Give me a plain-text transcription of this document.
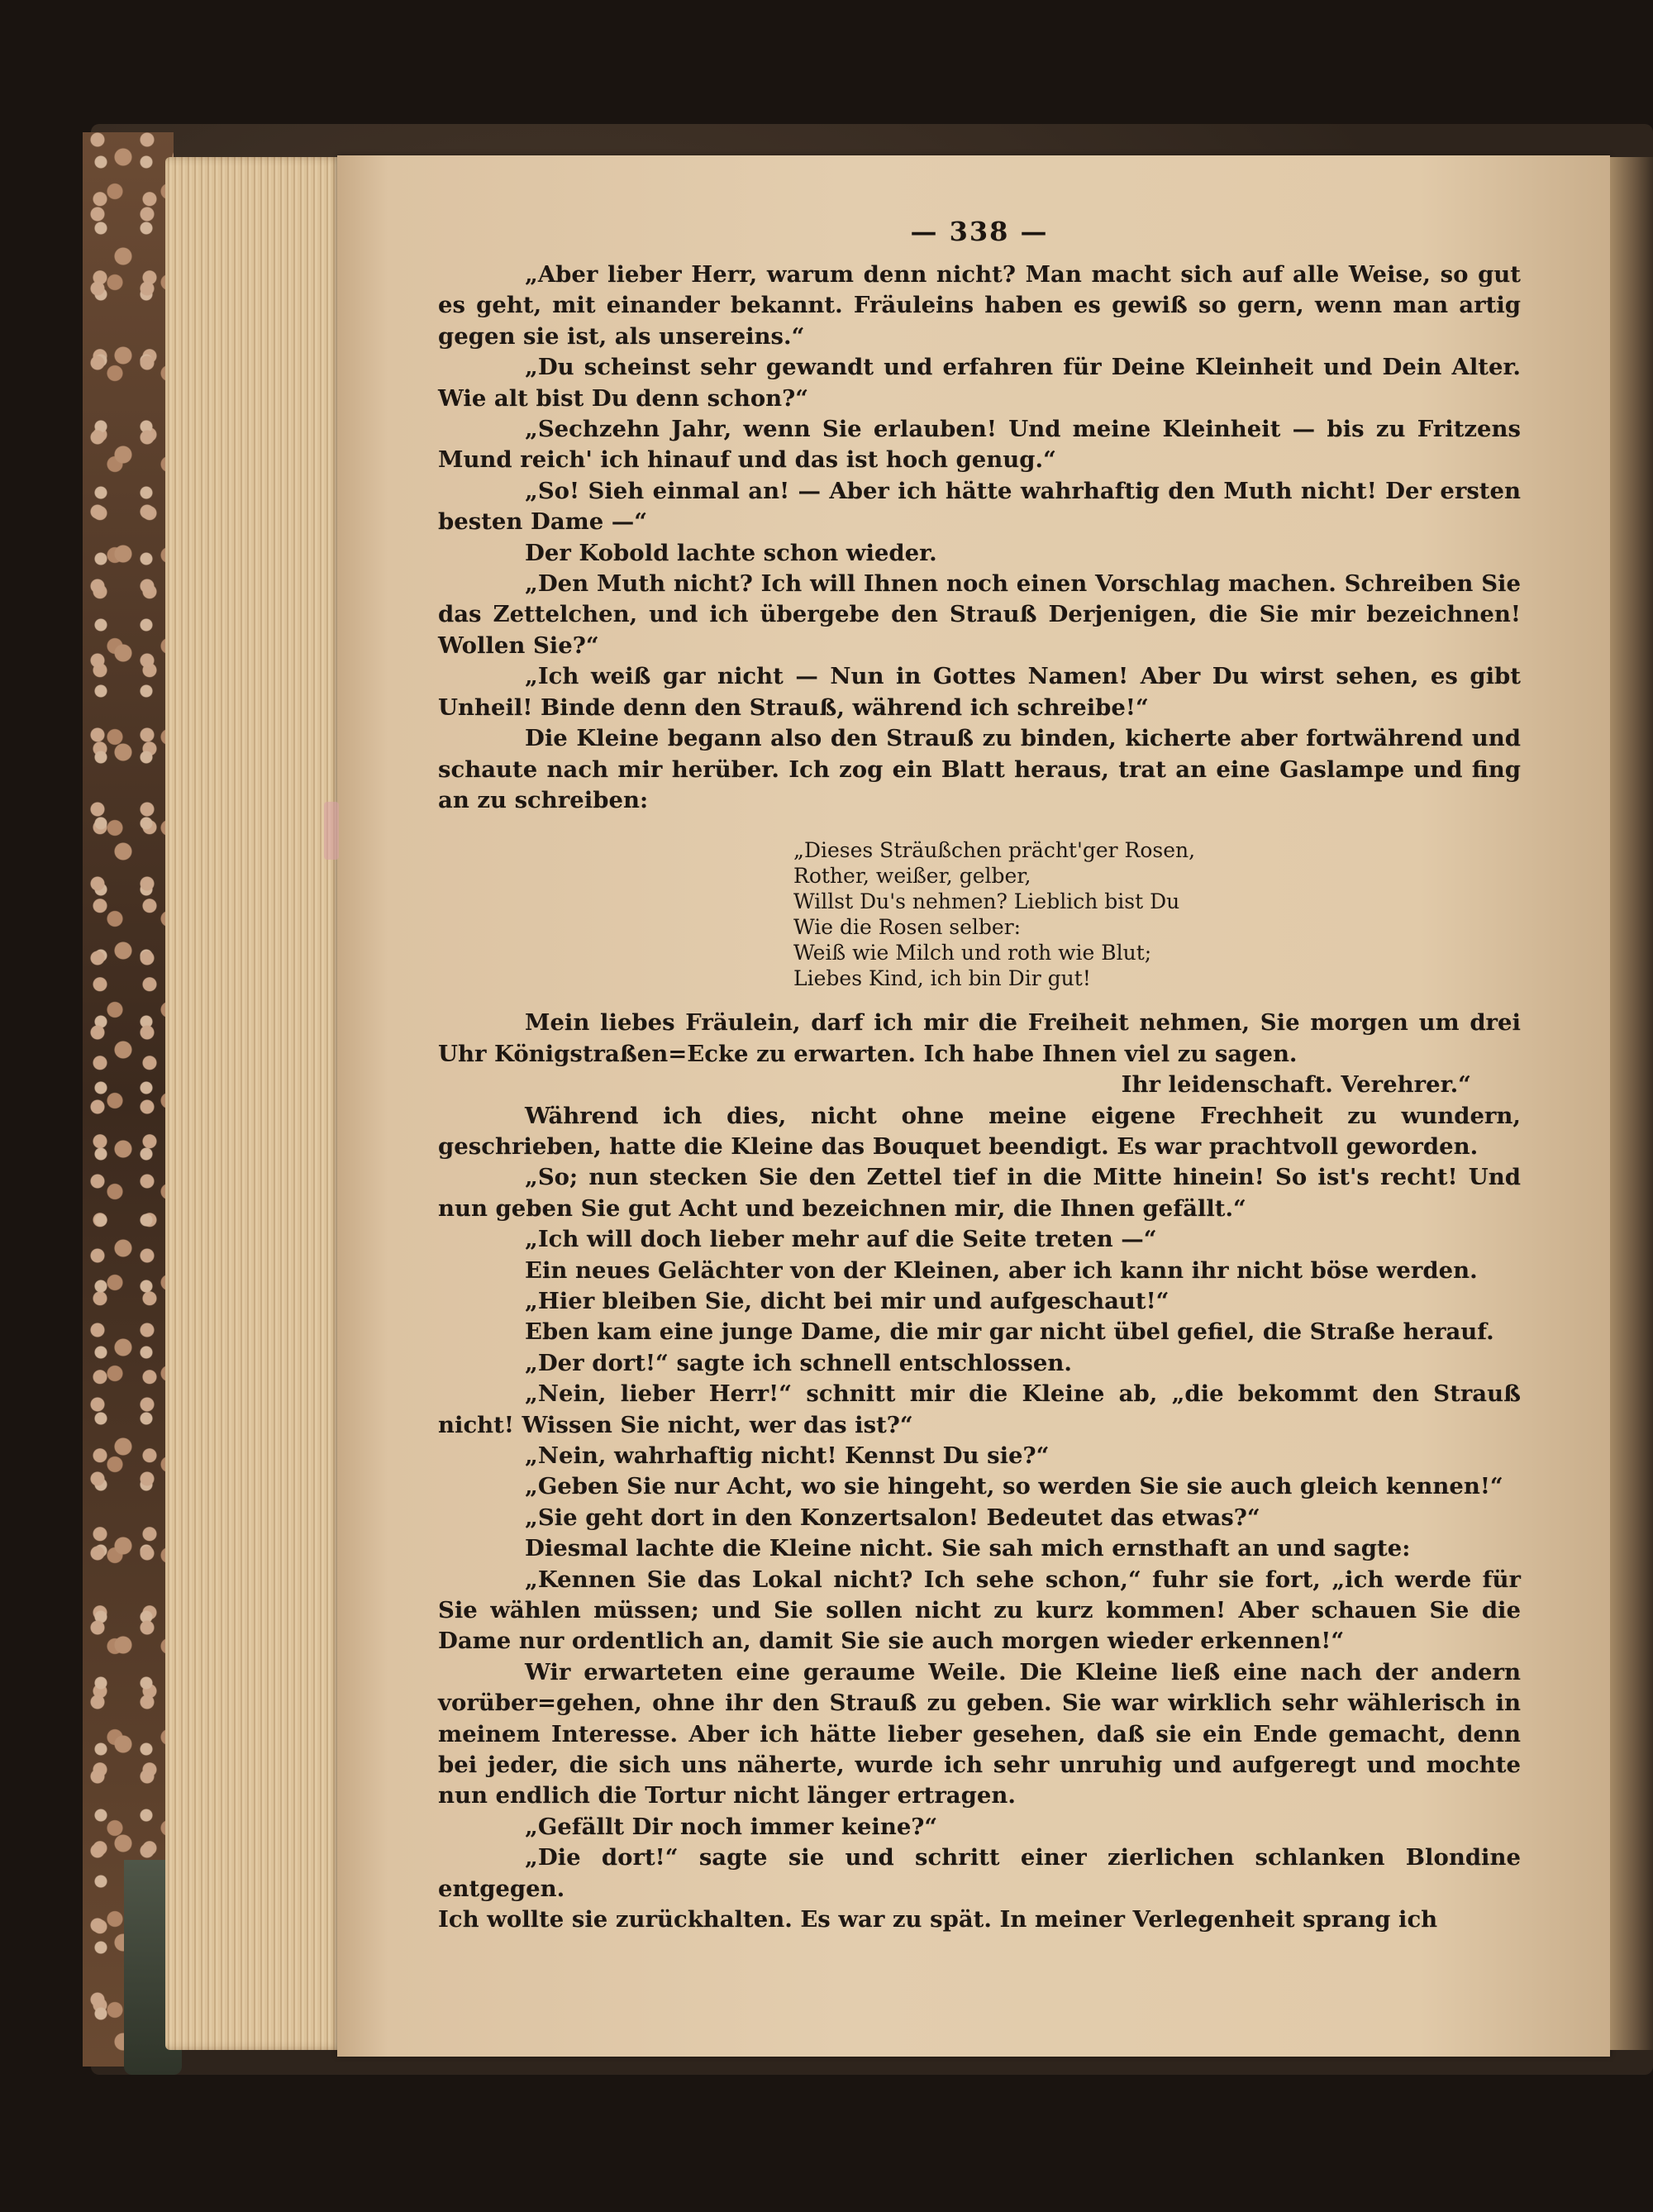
— 338 —

„Aber lieber Herr, warum denn nicht? Man macht sich auf alle Weise, so gut es geht, mit einander bekannt. Fräuleins haben es gewiß so gern, wenn man artig gegen sie ist, als unsereins.“

„Du scheinst sehr gewandt und erfahren für Deine Kleinheit und Dein Alter. Wie alt bist Du denn schon?“

„Sechzehn Jahr, wenn Sie erlauben! Und meine Kleinheit — bis zu Fritzens Mund reich' ich hinauf und das ist hoch genug.“

„So! Sieh einmal an! — Aber ich hätte wahrhaftig den Muth nicht! Der ersten besten Dame —“

Der Kobold lachte schon wieder.

„Den Muth nicht? Ich will Ihnen noch einen Vorschlag machen. Schreiben Sie das Zettelchen, und ich übergebe den Strauß Derjenigen, die Sie mir bezeichnen! Wollen Sie?“

„Ich weiß gar nicht — Nun in Gottes Namen! Aber Du wirst sehen, es gibt Unheil! Binde denn den Strauß, während ich schreibe!“

Die Kleine begann also den Strauß zu binden, kicherte aber fortwährend und schaute nach mir herüber. Ich zog ein Blatt heraus, trat an eine Gaslampe und fing an zu schreiben:

„Dieses Sträußchen prächt'ger Rosen,
Rother, weißer, gelber,
Willst Du's nehmen? Lieblich bist Du
Wie die Rosen selber:
Weiß wie Milch und roth wie Blut;
Liebes Kind, ich bin Dir gut!

Mein liebes Fräulein, darf ich mir die Freiheit nehmen, Sie morgen um drei Uhr Königstraßen=Ecke zu erwarten. Ich habe Ihnen viel zu sagen.

Ihr leidenschaft. Verehrer.“

Während ich dies, nicht ohne meine eigene Frechheit zu wundern, geschrieben, hatte die Kleine das Bouquet beendigt. Es war prachtvoll geworden.

„So; nun stecken Sie den Zettel tief in die Mitte hinein! So ist's recht! Und nun geben Sie gut Acht und bezeichnen mir, die Ihnen gefällt.“

„Ich will doch lieber mehr auf die Seite treten —“

Ein neues Gelächter von der Kleinen, aber ich kann ihr nicht böse werden.

„Hier bleiben Sie, dicht bei mir und aufgeschaut!“

Eben kam eine junge Dame, die mir gar nicht übel gefiel, die Straße herauf.

„Der dort!“ sagte ich schnell entschlossen.

„Nein, lieber Herr!“ schnitt mir die Kleine ab, „die bekommt den Strauß nicht! Wissen Sie nicht, wer das ist?“

„Nein, wahrhaftig nicht! Kennst Du sie?“

„Geben Sie nur Acht, wo sie hingeht, so werden Sie sie auch gleich kennen!“

„Sie geht dort in den Konzertsalon! Bedeutet das etwas?“

Diesmal lachte die Kleine nicht. Sie sah mich ernsthaft an und sagte:

„Kennen Sie das Lokal nicht? Ich sehe schon,“ fuhr sie fort, „ich werde für Sie wählen müssen; und Sie sollen nicht zu kurz kommen! Aber schauen Sie die Dame nur ordentlich an, damit Sie sie auch morgen wieder erkennen!“

Wir erwarteten eine geraume Weile. Die Kleine ließ eine nach der andern vorüber=gehen, ohne ihr den Strauß zu geben. Sie war wirklich sehr wählerisch in meinem Interesse. Aber ich hätte lieber gesehen, daß sie ein Ende gemacht, denn bei jeder, die sich uns näherte, wurde ich sehr unruhig und aufgeregt und mochte nun endlich die Tortur nicht länger ertragen.

„Gefällt Dir noch immer keine?“

„Die dort!“ sagte sie und schritt einer zierlichen schlanken Blondine entgegen.

Ich wollte sie zurückhalten. Es war zu spät. In meiner Verlegenheit sprang ich
